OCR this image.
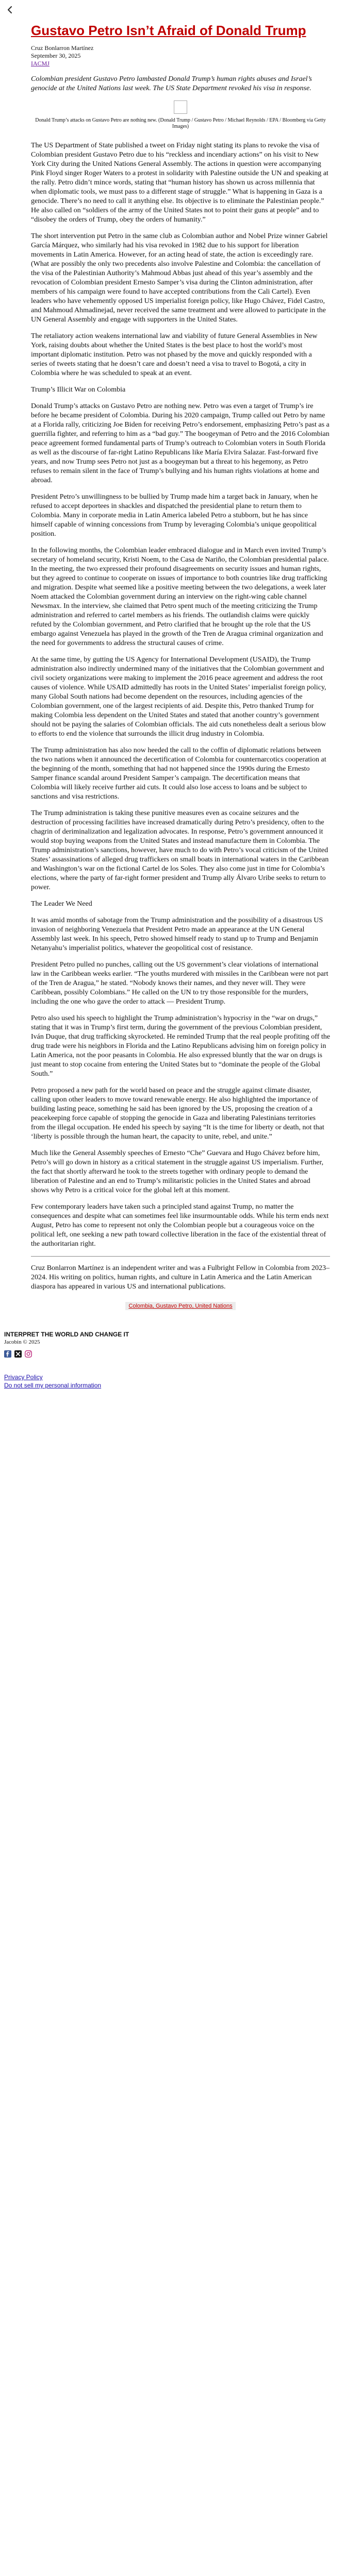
Gustavo Petro Isn’t Afraid of Donald Trump

Cruz Bonlarron Martínez
September 30, 2025
IACMJ

Colombian president Gustavo Petro lambasted Donald Trump’s human rights abuses and Israel’s genocide at the United Nations last week. The US State Department revoked his visa in response.

Donald Trump’s attacks on Gustavo Petro are nothing new. (Donald Trump / Gustavo Petro / Michael Reynolds / EPA / Bloomberg via Getty Images)

The US Department of State published a tweet on Friday night stating its plans to revoke the visa of Colombian president Gustavo Petro due to his “reckless and incendiary actions” on his visit to New York City during the United Nations General Assembly. The actions in question were accompanying Pink Floyd singer Roger Waters to a protest in solidarity with Palestine outside the UN and speaking at the rally. Petro didn’t mince words, stating that “human history has shown us across millennia that when diplomatic tools, we must pass to a different stage of struggle.” What is happening in Gaza is a genocide. There’s no need to call it anything else. Its objective is to eliminate the Palestinian people.” He also called on “soldiers of the army of the United States not to point their guns at people” and to “disobey the orders of Trump, obey the orders of humanity.”

The short intervention put Petro in the same club as Colombian author and Nobel Prize winner Gabriel García Márquez, who similarly had his visa revoked in 1982 due to his support for liberation movements in Latin America. However, for an acting head of state, the action is exceedingly rare. (What are possibly the only two precedents also involve Palestine and Colombia: the cancellation of the visa of the Palestinian Authority’s Mahmoud Abbas just ahead of this year’s assembly and the revocation of Colombian president Ernesto Samper’s visa during the Clinton administration, after members of his campaign were found to have accepted contributions from the Cali Cartel). Even leaders who have vehemently opposed US imperialist foreign policy, like Hugo Chávez, Fidel Castro, and Mahmoud Ahmadinejad, never received the same treatment and were allowed to participate in the UN General Assembly and engage with supporters in the United States.

The retaliatory action weakens international law and viability of future General Assemblies in New York, raising doubts about whether the United States is the best place to host the world’s most important diplomatic institution. Petro was not phased by the move and quickly responded with a series of tweets stating that he doesn’t care and doesn’t need a visa to travel to Bogotá, a city in Colombia where he was scheduled to speak at an event.

Trump’s Illicit War on Colombia

Donald Trump’s attacks on Gustavo Petro are nothing new. Petro was even a target of Trump’s ire before he became president of Colombia. During his 2020 campaign, Trump called out Petro by name at a Florida rally, criticizing Joe Biden for receiving Petro’s endorsement, emphasizing Petro’s past as a guerrilla fighter, and referring to him as a “bad guy.” The boogeyman of Petro and the 2016 Colombian peace agreement formed fundamental parts of Trump’s outreach to Colombian voters in South Florida as well as the discourse of far-right Latino Republicans like María Elvira Salazar. Fast-forward five years, and now Trump sees Petro not just as a boogeyman but a threat to his hegemony, as Petro refuses to remain silent in the face of Trump’s bullying and his human rights violations at home and abroad.

President Petro’s unwillingness to be bullied by Trump made him a target back in January, when he refused to accept deportees in shackles and dispatched the presidential plane to return them to Colombia. Many in corporate media in Latin America labeled Petro a stubborn, but he has since himself capable of winning concessions from Trump by leveraging Colombia’s unique geopolitical position.

In the following months, the Colombian leader embraced dialogue and in March even invited Trump’s secretary of homeland security, Kristi Noem, to the Casa de Nariño, the Colombian presidential palace. In the meeting, the two expressed their profound disagreements on security issues and human rights, but they agreed to continue to cooperate on issues of importance to both countries like drug trafficking and migration. Despite what seemed like a positive meeting between the two delegations, a week later Noem attacked the Colombian government during an interview on the right-wing cable channel Newsmax. In the interview, she claimed that Petro spent much of the meeting criticizing the Trump administration and referred to cartel members as his friends. The outlandish claims were quickly refuted by the Colombian government, and Petro clarified that he brought up the role that the US embargo against Venezuela has played in the growth of the Tren de Aragua criminal organization and the need for governments to address the structural causes of crime.

At the same time, by gutting the US Agency for International Development (USAID), the Trump administration also indirectly undermined many of the initiatives that the Colombian government and civil society organizations were making to implement the 2016 peace agreement and address the root causes of violence. While USAID admittedly has roots in the United States’ imperialist foreign policy, many Global South nations had become dependent on the resources, including agencies of the Colombian government, one of the largest recipients of aid. Despite this, Petro thanked Trump for making Colombia less dependent on the United States and stated that another country’s government should not be paying the salaries of Colombian officials. The aid cuts nonetheless dealt a serious blow to efforts to end the violence that surrounds the illicit drug industry in Colombia.

The Trump administration has also now heeded the call to the coffin of diplomatic relations between the two nations when it announced the decertification of Colombia for counternarcotics cooperation at the beginning of the month, something that had not happened since the 1990s during the Ernesto Samper finance scandal around President Samper’s campaign. The decertification means that Colombia will likely receive further aid cuts. It could also lose access to loans and be subject to sanctions and visa restrictions.

The Trump administration is taking these punitive measures even as cocaine seizures and the destruction of processing facilities have increased dramatically during Petro’s presidency, often to the chagrin of deriminalization and legalization advocates. In response, Petro’s government announced it would stop buying weapons from the United States and instead manufacture them in Colombia. The Trump administration’s sanctions, however, have much to do with Petro’s vocal criticism of the United States’ assassinations of alleged drug traffickers on small boats in international waters in the Caribbean and Washington’s war on the fictional Cartel de los Soles. They also come just in time for Colombia’s elections, where the party of far-right former president and Trump ally Álvaro Uribe seeks to return to power.

The Leader We Need

It was amid months of sabotage from the Trump administration and the possibility of a disastrous US invasion of neighboring Venezuela that President Petro made an appearance at the UN General Assembly last week. In his speech, Petro showed himself ready to stand up to Trump and Benjamin Netanyahu’s imperialist politics, whatever the geopolitical cost of resistance.

President Petro pulled no punches, calling out the US government’s clear violations of international law in the Caribbean weeks earlier. “The youths murdered with missiles in the Caribbean were not part of the Tren de Aragua,” he stated. “Nobody knows their names, and they never will. They were Caribbean, possibly Colombians.” He called on the UN to try those responsible for the murders, including the one who gave the order to attack — President Trump.

Petro also used his speech to highlight the Trump administration’s hypocrisy in the “war on drugs,” stating that it was in Trump’s first term, during the government of the previous Colombian president, Iván Duque, that drug trafficking skyrocketed. He reminded Trump that the real people profiting off the drug trade were his neighbors in Florida and the Latino Republicans advising him on foreign policy in Latin America, not the poor peasants in Colombia. He also expressed bluntly that the war on drugs is just meant to stop cocaine from entering the United States but to “dominate the people of the Global South.”

Petro proposed a new path for the world based on peace and the struggle against climate disaster, calling upon other leaders to move toward renewable energy. He also highlighted the importance of building lasting peace, something he said has been ignored by the US, proposing the creation of a peacekeeping force capable of stopping the genocide in Gaza and liberating Palestinians territories from the illegal occupation. He ended his speech by saying “It is the time for liberty or death, not that ‘liberty is possible through the human heart, the capacity to unite, rebel, and unite.”

Much like the General Assembly speeches of Ernesto “Che” Guevara and Hugo Chávez before him, Petro’s will go down in history as a critical statement in the struggle against US imperialism. Further, the fact that shortly afterward he took to the streets together with ordinary people to demand the liberation of Palestine and an end to Trump’s militaristic policies in the United States and abroad shows why Petro is a critical voice for the global left at this moment.

Few contemporary leaders have taken such a principled stand against Trump, no matter the consequences and despite what can sometimes feel like insurmountable odds. While his term ends next August, Petro has come to represent not only the Colombian people but a courageous voice on the political left, one seeking a new path toward collective liberation in the face of the existential threat of the authoritarian right.

Cruz Bonlarron Martínez is an independent writer and was a Fulbright Fellow in Colombia from 2023–2024. His writing on politics, human rights, and culture in Latin America and the Latin American diaspora has appeared in various US and international publications.

Colombia, Gustavo Petro, United Nations

INTERPRET THE WORLD AND CHANGE IT

Jacobin © 2025

Privacy Policy
Do not sell my personal information
